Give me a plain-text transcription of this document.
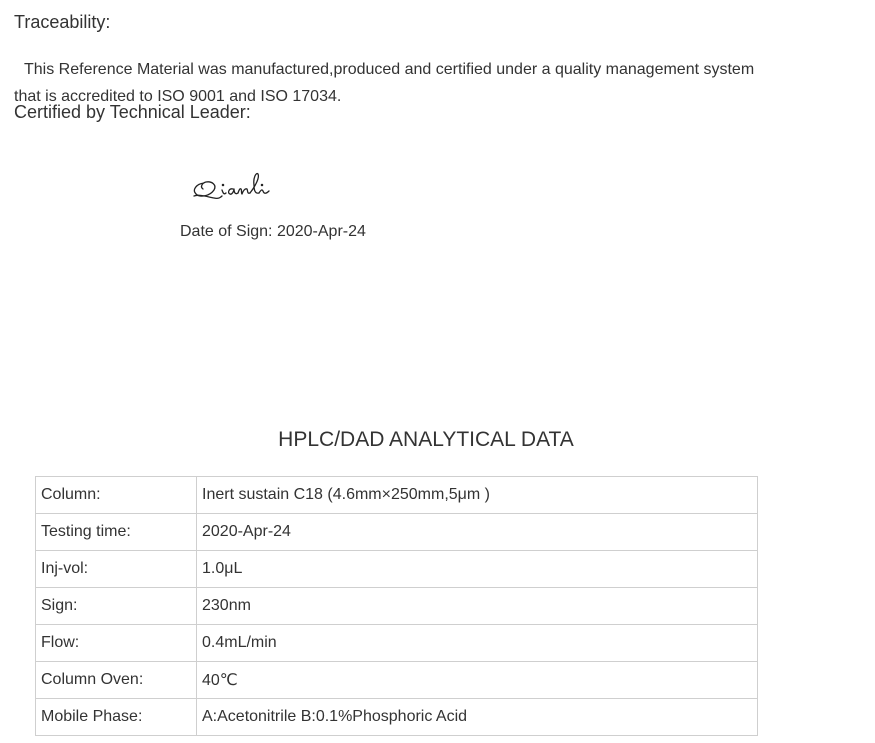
Traceability:
This Reference Material was manufactured,produced and certified under a quality management system
that is accredited to ISO 9001 and ISO 17034.
Certified by Technical Leader:
Date of Sign: 2020-Apr-24
HPLC/DAD ANALYTICAL DATA
Column:	Inert sustain C18 (4.6mm×250mm,5μm )
Testing time:	2020-Apr-24
Inj-vol:	1.0μL
Sign:	230nm
Flow:	0.4mL/min
Column Oven:	40℃
Mobile Phase:	A:Acetonitrile B:0.1%Phosphoric Acid
